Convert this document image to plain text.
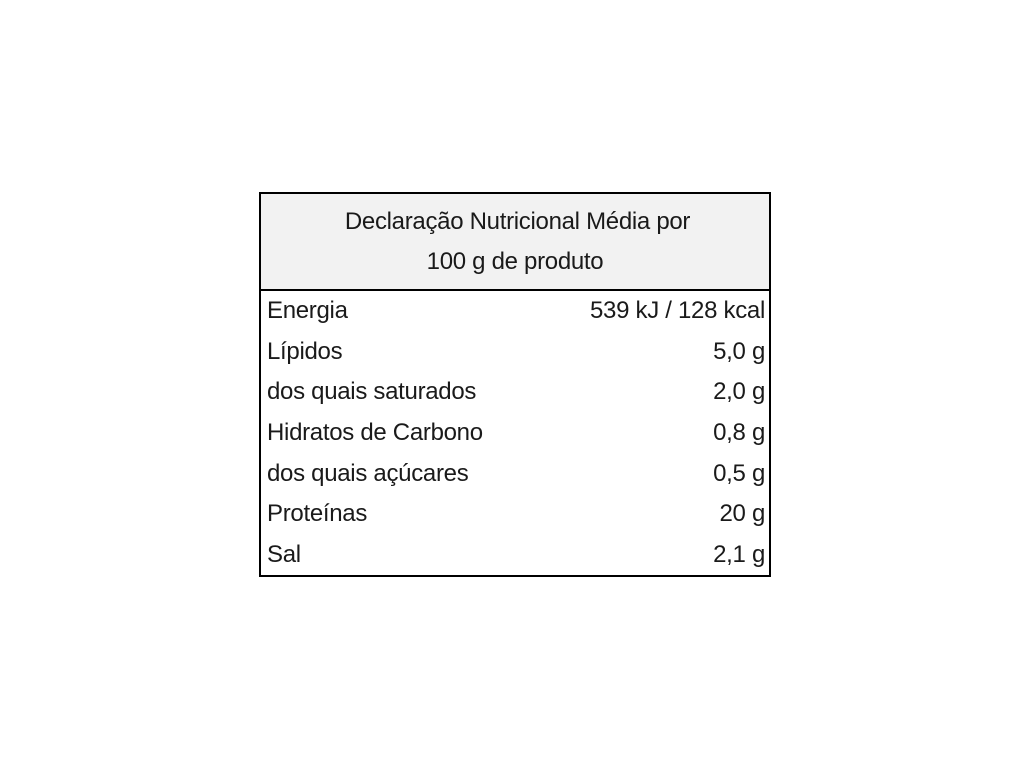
Declaração Nutricional Média por
100 g de produto
Energia	539 kJ / 128 kcal
Lípidos	5,0 g
dos quais saturados	2,0 g
Hidratos de Carbono	0,8 g
dos quais açúcares	0,5 g
Proteínas	20 g
Sal	2,1 g
